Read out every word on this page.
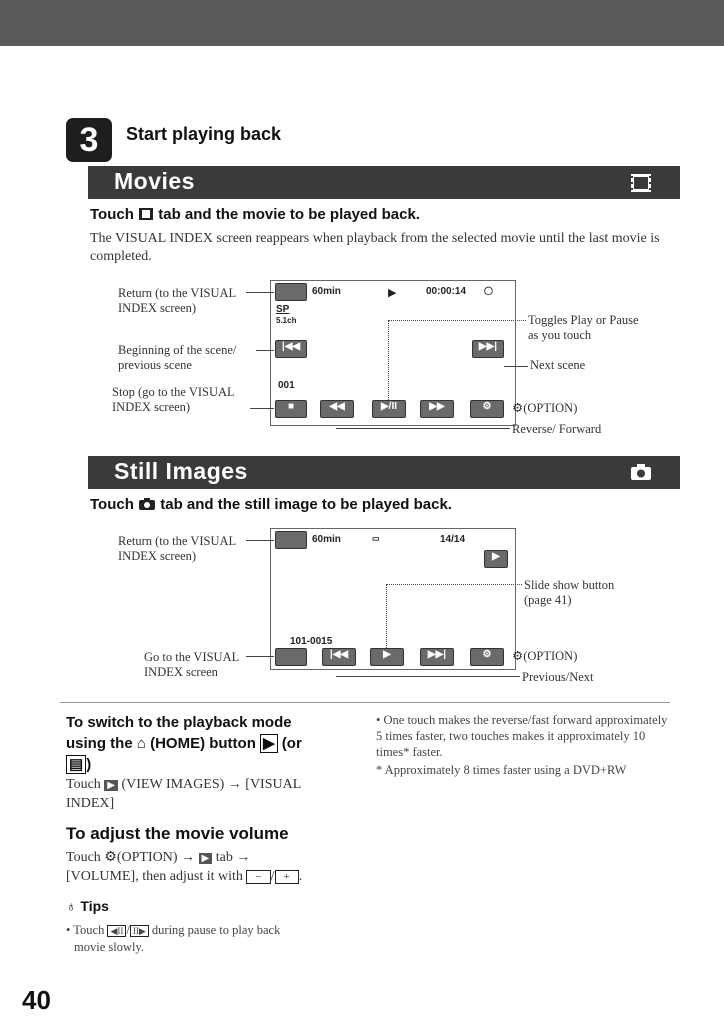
3	Start playing back
Movies
Touch tab and the movie to be played back.
The VISUAL INDEX screen reappears when playback from the selected movie until the last movie is completed.
60min	▶	00:00:14 ◯
SP
5.1ch
|◀◀	▶▶|
001
■	◀◀	▶/II	▶▶	⚙
Return (to the VISUAL INDEX screen)
Beginning of the scene/ previous scene
Stop (go to the VISUAL INDEX screen)
Toggles Play or Pause as you touch
Next scene
⚙(OPTION)
Reverse/ Forward
Still Images
Touch tab and the still image to be played back.
60min	▭	14/14
▶
101-0015
|◀◀	▶	▶▶|	⚙
Return (to the VISUAL INDEX screen)
Slide show button (page 41)
Go to the VISUAL INDEX screen
⚙(OPTION)
Previous/Next
To switch to the playback mode
using the ⌂ (HOME) button ▶ (or
▤ )
Touch ▶ (VIEW IMAGES) → [VISUAL
INDEX]
To adjust the movie volume
Touch ⚙(OPTION) → ▶ tab →
[VOLUME], then adjust it with − / + .
♁ Tips
• Touch ◀II / II▶ during pause to play back
movie slowly.
• One touch makes the reverse/fast forward approximately 5 times faster, two touches makes it approximately 10 times* faster.
* Approximately 8 times faster using a DVD+RW
40
